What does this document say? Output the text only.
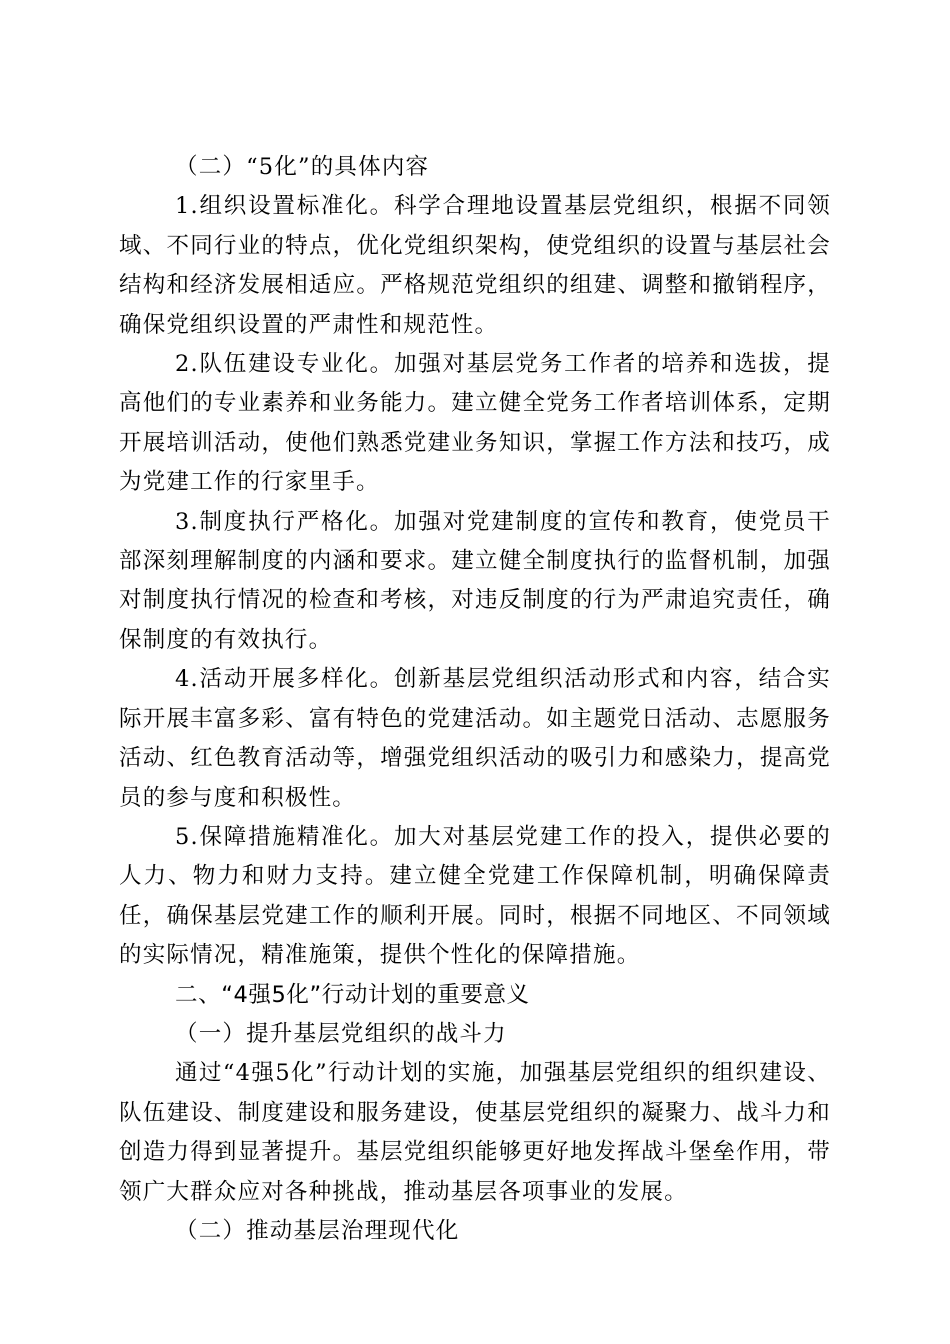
（二）“5化”的具体内容

1.组织设置标准化。科学合理地设置基层党组织，根据不同领域、不同行业的特点，优化党组织架构，使党组织的设置与基层社会结构和经济发展相适应。严格规范党组织的组建、调整和撤销程序，确保党组织设置的严肃性和规范性。

2.队伍建设专业化。加强对基层党务工作者的培养和选拔，提高他们的专业素养和业务能力。建立健全党务工作者培训体系，定期开展培训活动，使他们熟悉党建业务知识，掌握工作方法和技巧，成为党建工作的行家里手。

3.制度执行严格化。加强对党建制度的宣传和教育，使党员干部深刻理解制度的内涵和要求。建立健全制度执行的监督机制，加强对制度执行情况的检查和考核，对违反制度的行为严肃追究责任，确保制度的有效执行。

4.活动开展多样化。创新基层党组织活动形式和内容，结合实际开展丰富多彩、富有特色的党建活动。如主题党日活动、志愿服务活动、红色教育活动等，增强党组织活动的吸引力和感染力，提高党员的参与度和积极性。

5.保障措施精准化。加大对基层党建工作的投入，提供必要的人力、物力和财力支持。建立健全党建工作保障机制，明确保障责任，确保基层党建工作的顺利开展。同时，根据不同地区、不同领域的实际情况，精准施策，提供个性化的保障措施。

二、“4强5化”行动计划的重要意义

（一）提升基层党组织的战斗力

通过“4强5化”行动计划的实施，加强基层党组织的组织建设、队伍建设、制度建设和服务建设，使基层党组织的凝聚力、战斗力和创造力得到显著提升。基层党组织能够更好地发挥战斗堡垒作用，带领广大群众应对各种挑战，推动基层各项事业的发展。

（二）推动基层治理现代化
